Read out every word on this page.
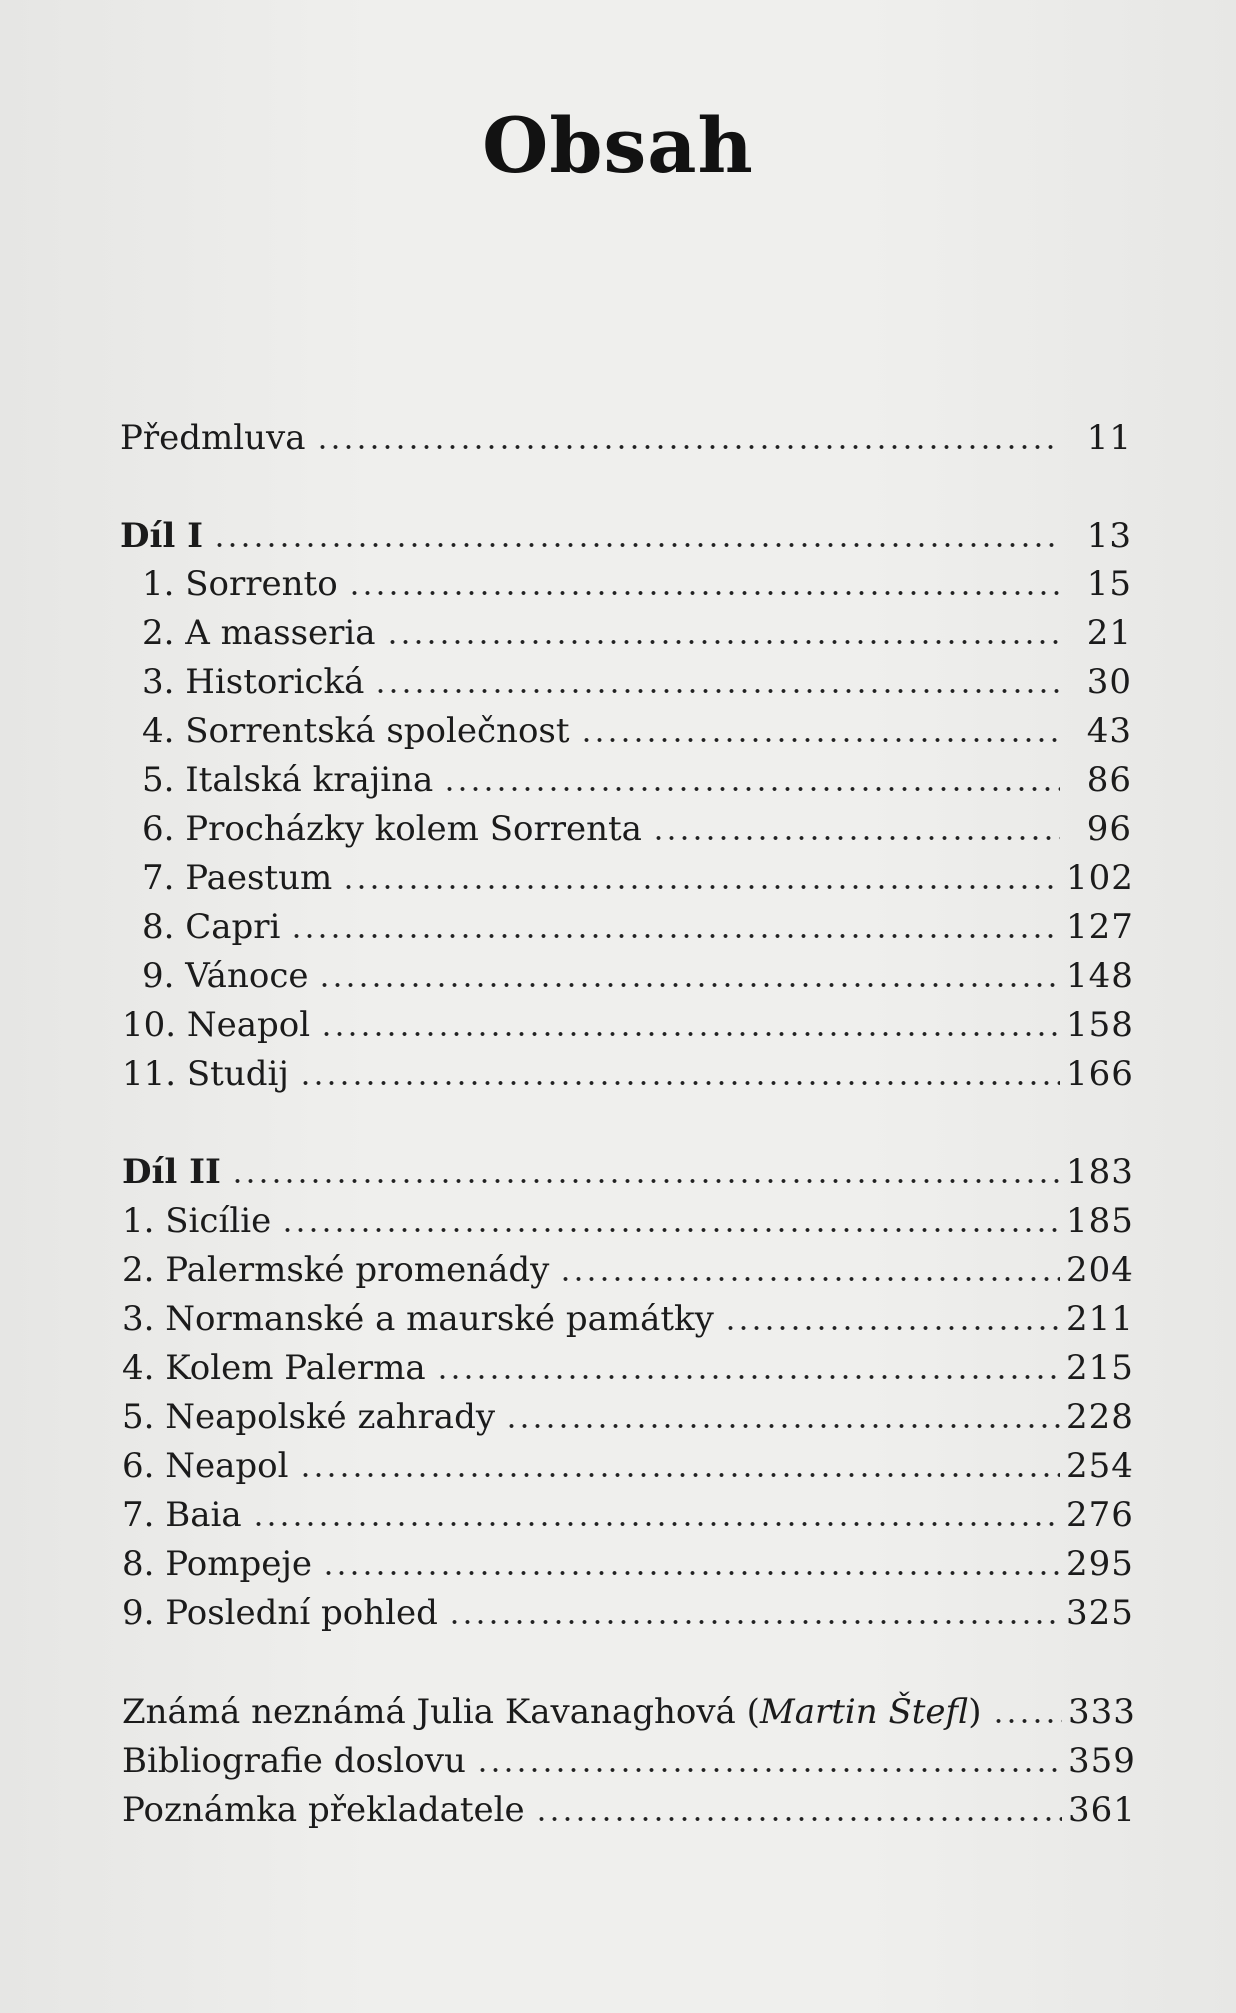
Obsah
Předmluva	11
Díl I	13
1. Sorrento	15
2. A masseria	21
3. Historická	30
4. Sorrentská společnost	43
5. Italská krajina	86
6. Procházky kolem Sorrenta	96
7. Paestum	102
8. Capri	127
9. Vánoce	148
10. Neapol	158
11. Studij	166
Díl II	183
1. Sicílie	185
2. Palermské promenády	204
3. Normanské a maurské památky	211
4. Kolem Palerma	215
5. Neapolské zahrady	228
6. Neapol	254
7. Baia	276
8. Pompeje	295
9. Poslední pohled	325
Známá neznámá Julia Kavanaghová (Martin Štefl)	333
Bibliografie doslovu	359
Poznámka překladatele	361
